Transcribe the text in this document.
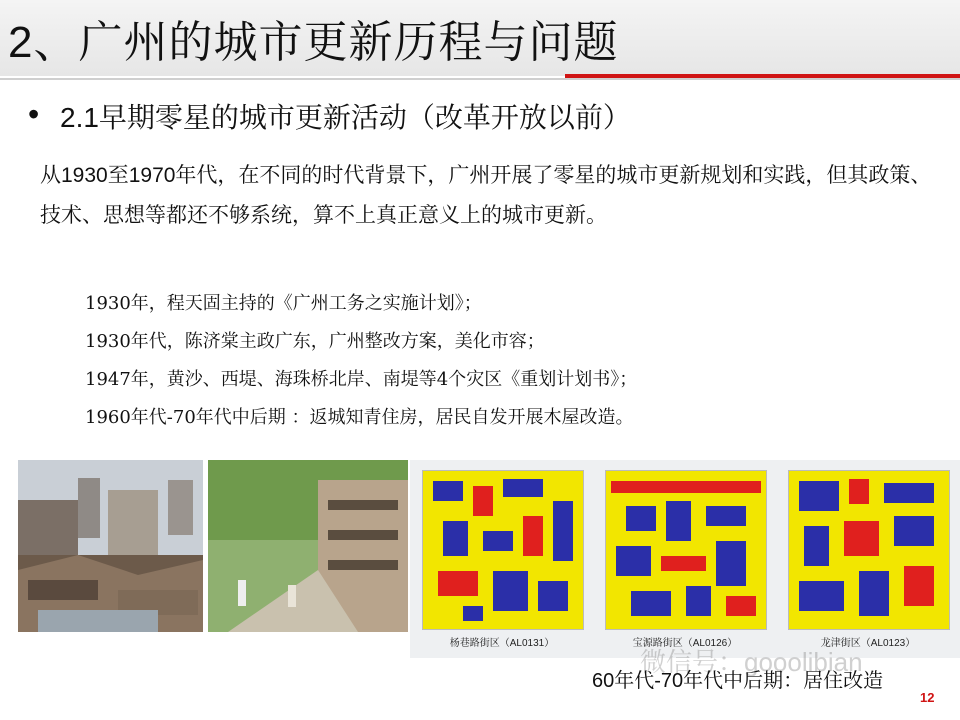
2、广州的城市更新历程与问题
• 2.1早期零星的城市更新活动（改革开放以前）
从1930至1970年代，在不同的时代背景下，广州开展了零星的城市更新规划和实践，但其政策、技术、思想等都还不够系统，算不上真正意义上的城市更新。
1930年，程天固主持的《广州工务之实施计划》；
1930年代，陈济棠主政广东，广州整改方案，美化市容；
1947年，黄沙、西堤、海珠桥北岸、南堤等4个灾区《重划计划书》；
1960年代-70年代中后期 ：返城知青住房，居民自发开展木屋改造。
杨巷路街区（AL0131）	宝源路街区（AL0126）	龙津街区（AL0123）
微信号：gooolibian
60年代-70年代中后期：居住改造
12
